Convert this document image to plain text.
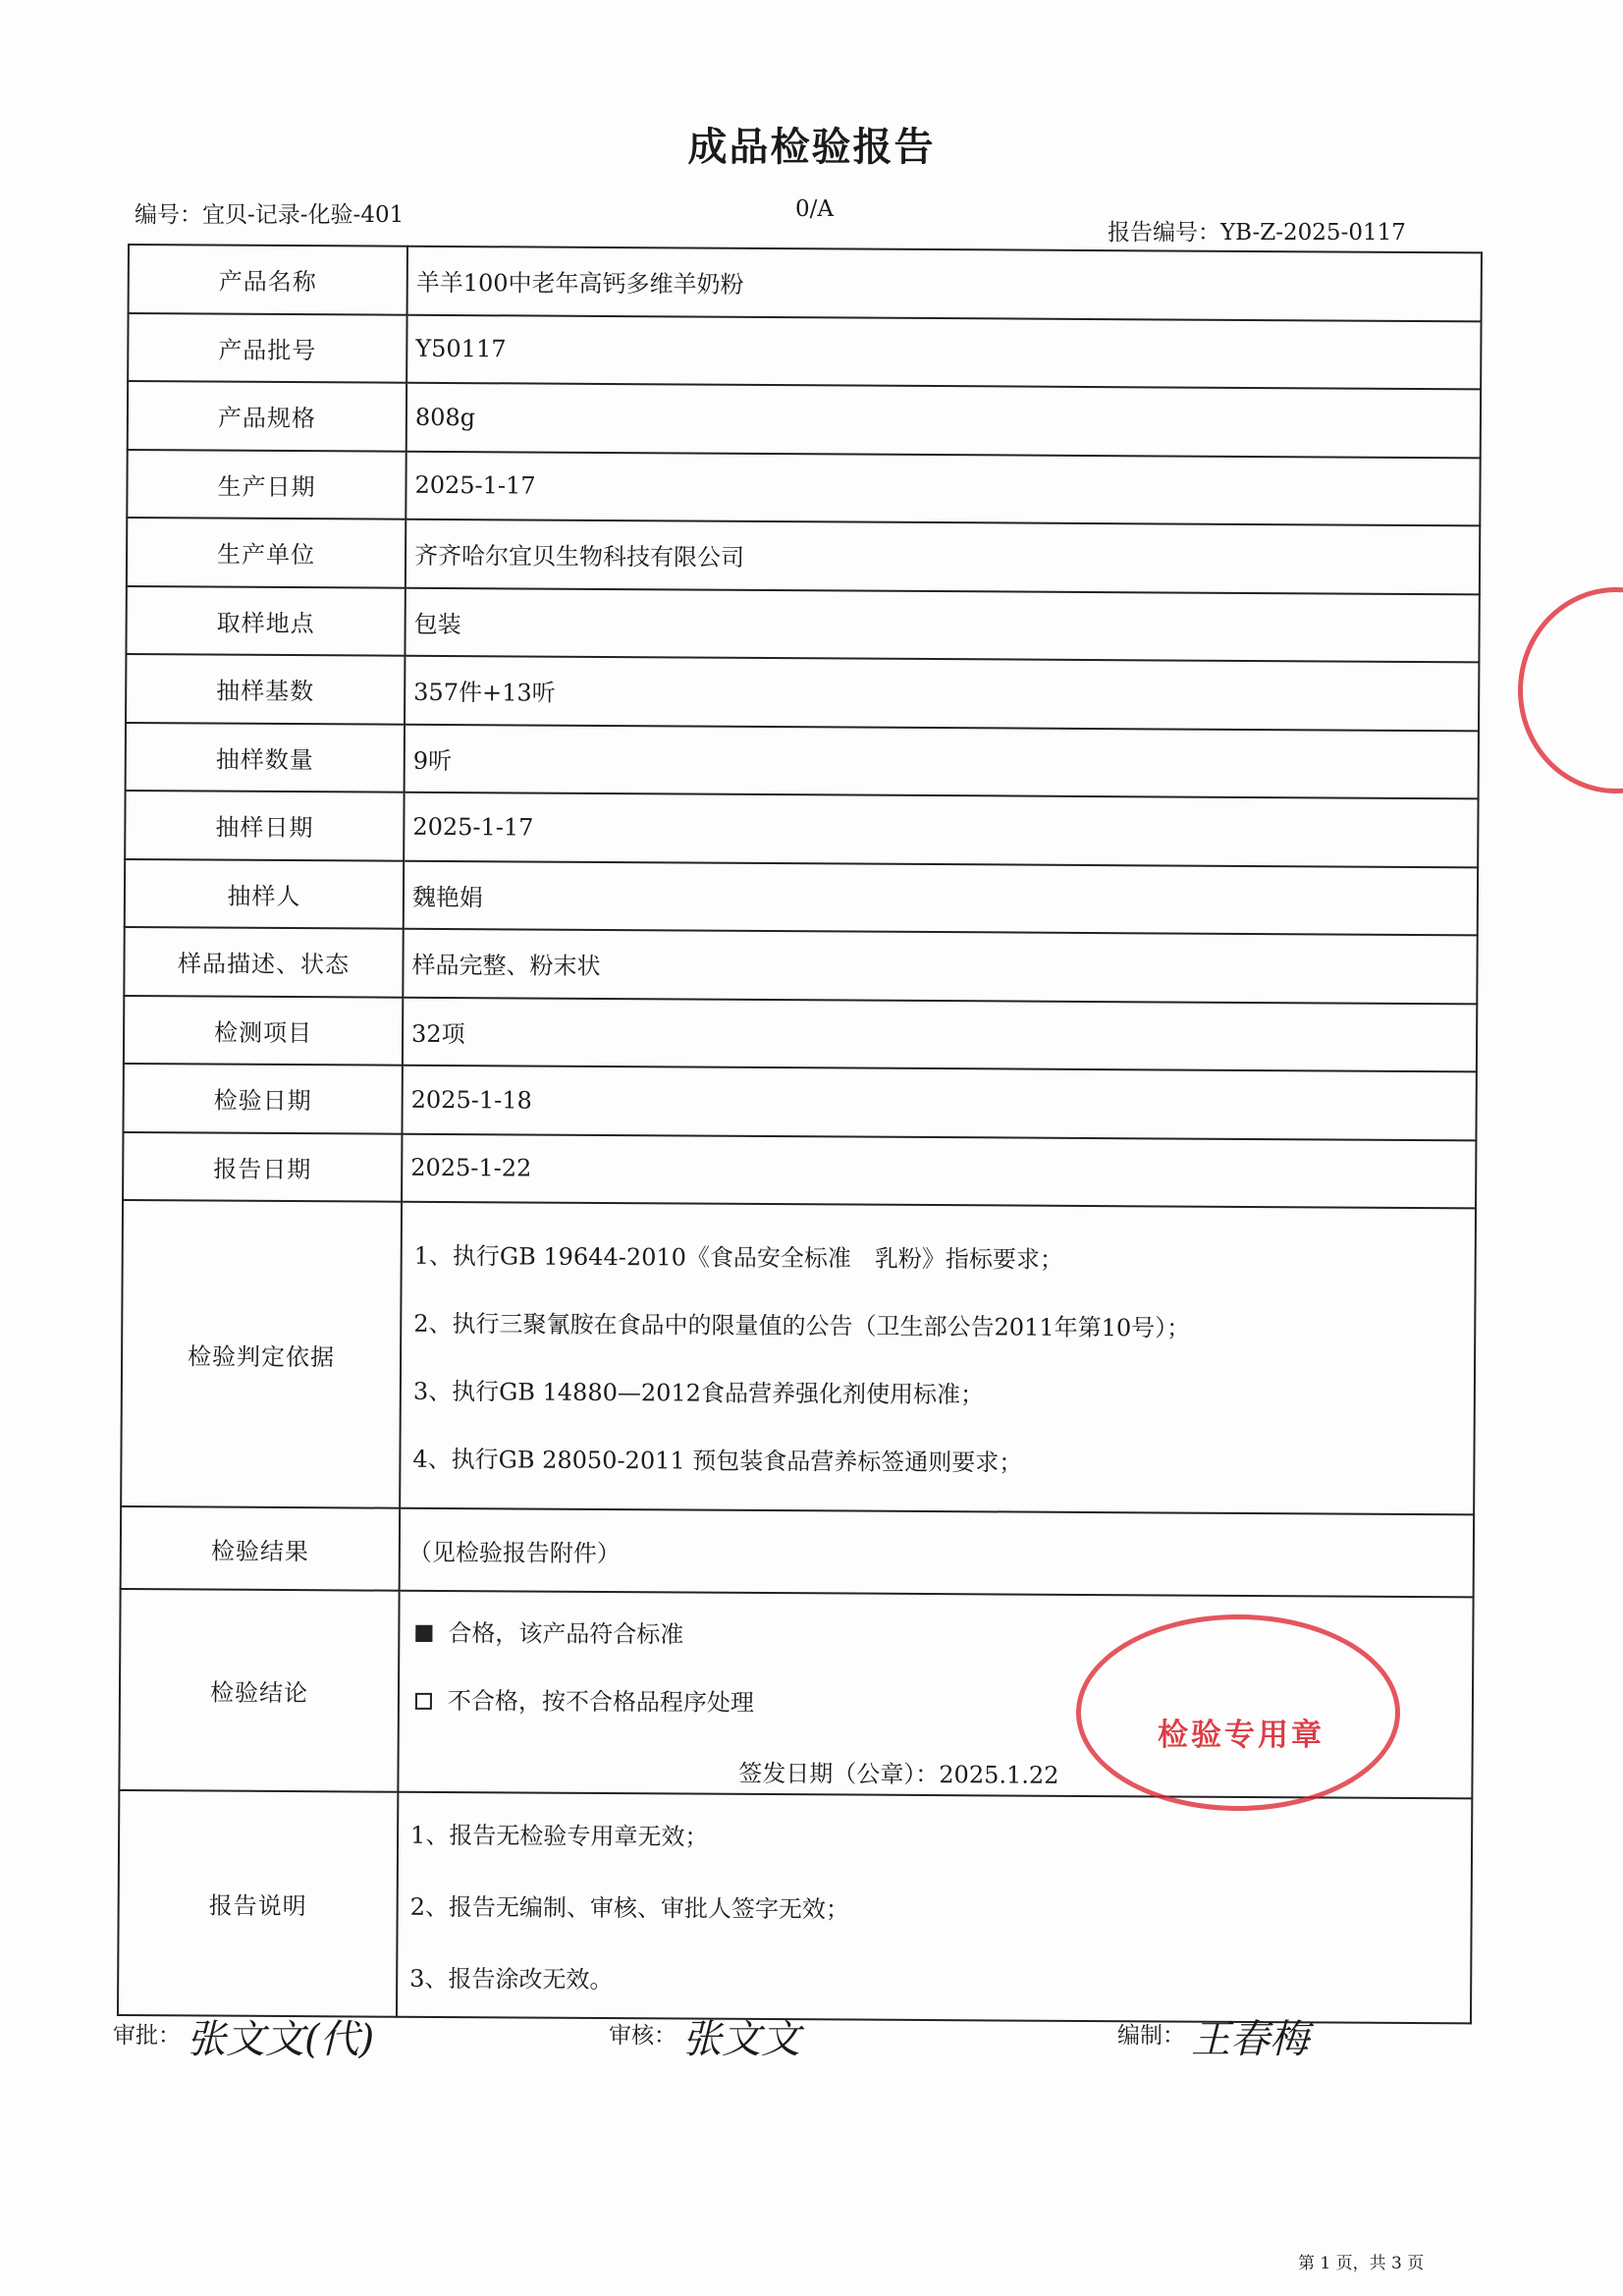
成品检验报告
编号：宜贝-记录-化验-401	0/A
报告编号：YB-Z-2025-0117
产品名称	羊羊100中老年高钙多维羊奶粉
产品批号	Y50117
产品规格	808g
生产日期	2025-1-17
生产单位	齐齐哈尔宜贝生物科技有限公司
取样地点	包装
抽样基数	357件+13听
抽样数量	9听
抽样日期	2025-1-17
抽样人	魏艳娟
样品描述、状态	样品完整、粉末状
检测项目	32项
检验日期	2025-1-18
报告日期	2025-1-22
检验判定依据	1、执行GB 19644-2010《食品安全标准　乳粉》指标要求；
2、执行三聚氰胺在食品中的限量值的公告（卫生部公告2011年第10号）；
3、执行GB 14880—2012食品营养强化剂使用标准；
4、执行GB 28050-2011 预包装食品营养标签通则要求；

检验结果	（见检验报告附件）
检验结论	合格，该产品符合标准
不合格，按不合格品程序处理
签发日期（公章）：2025.1.22

报告说明	1、报告无检验专用章无效；
2、报告无编制、审核、审批人签字无效；
3、报告涂改无效。
检验专用章
审批： 张文文(代)	审核： 张文文	编制： 王春梅
第 1 页，共 3 页
